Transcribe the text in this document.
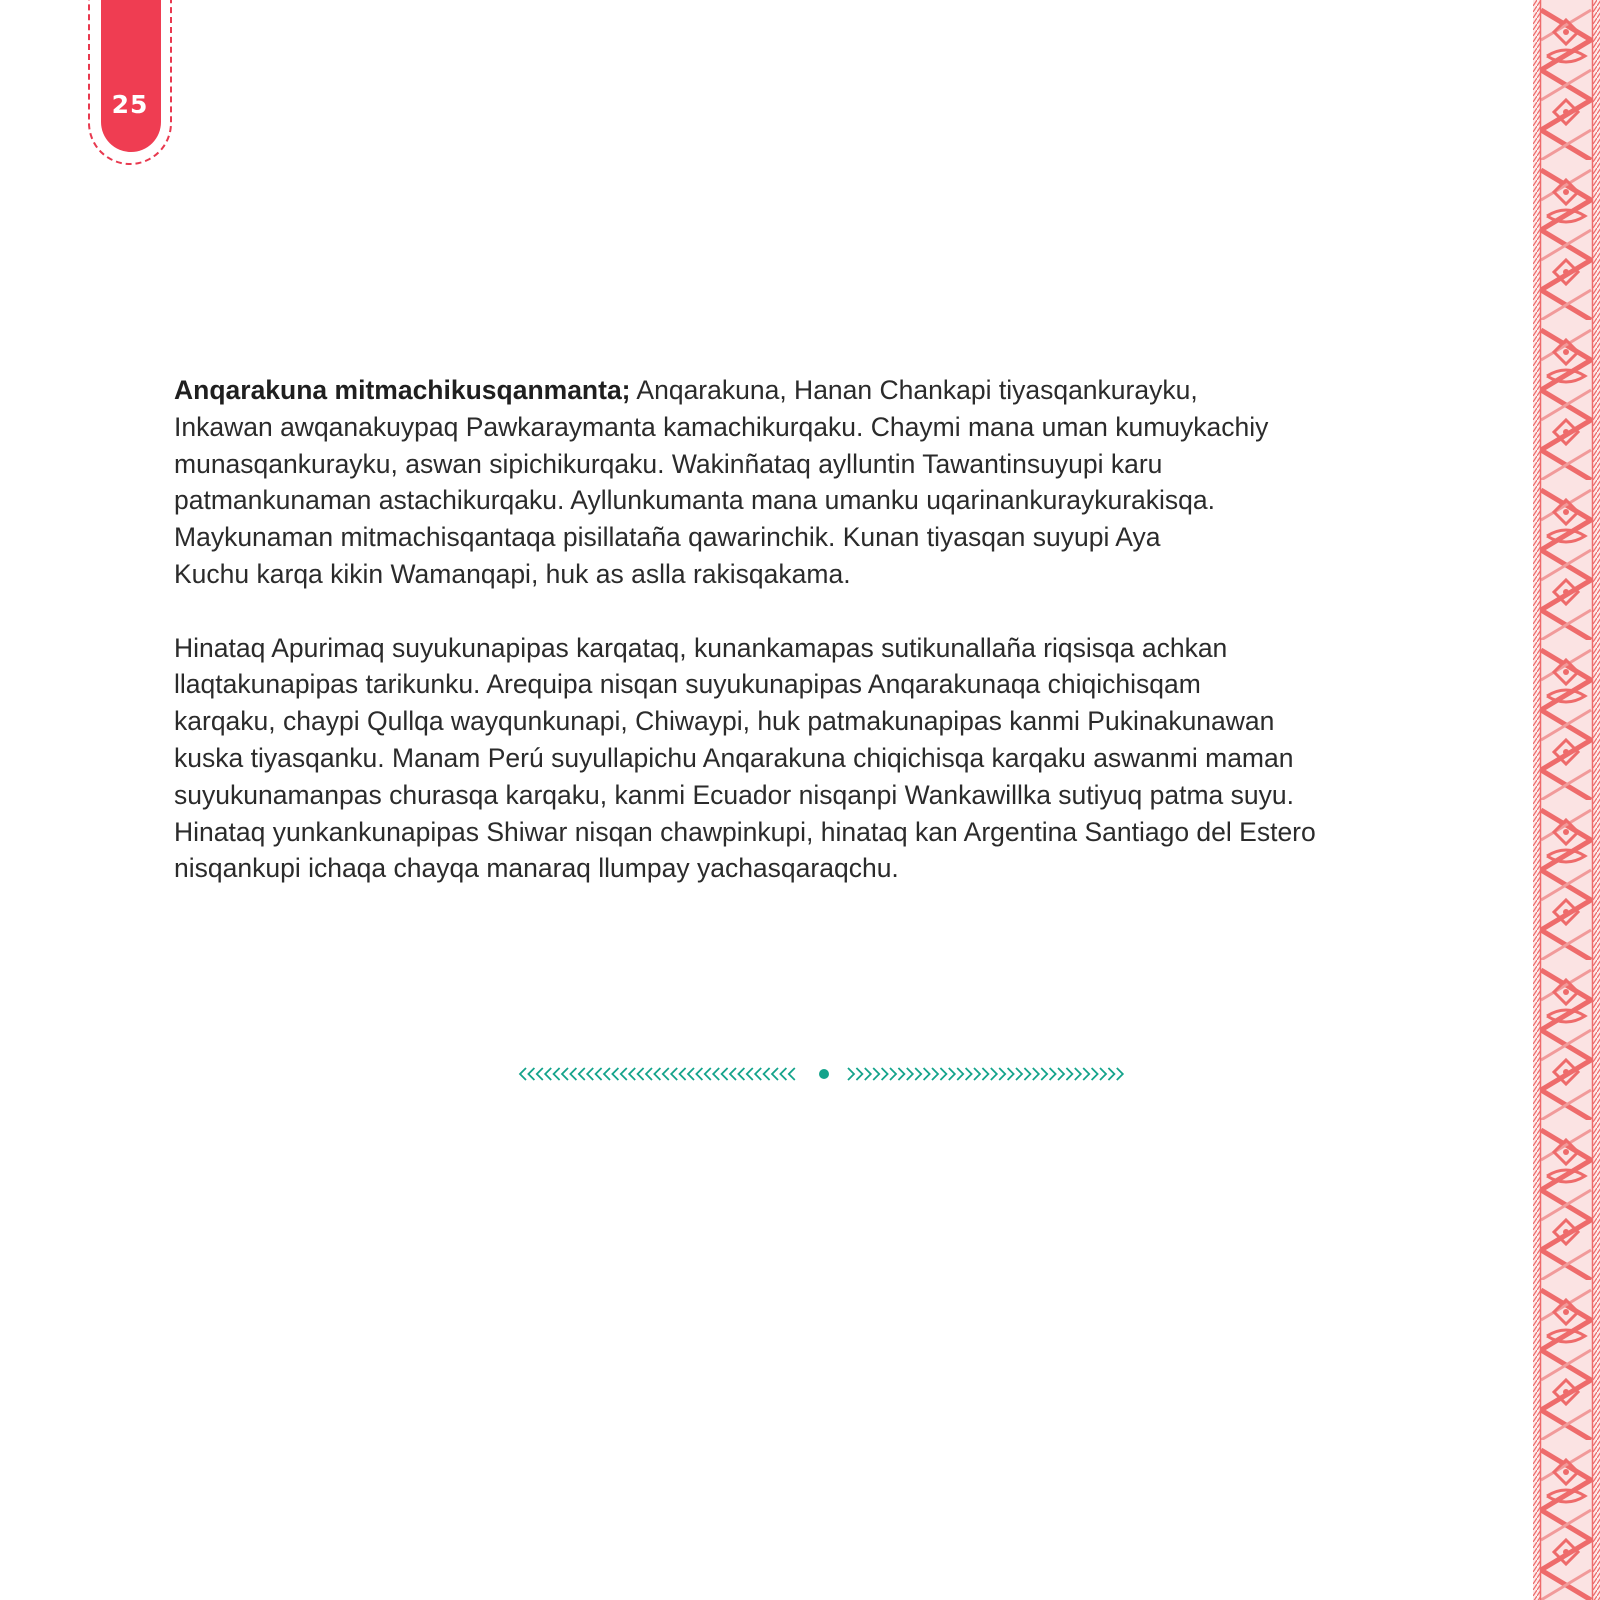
25

Anqarakuna mitmachikusqanmanta; Anqarakuna, Hanan Chankapi tiyasqankurayku,
Inkawan awqanakuypaq Pawkaraymanta kamachikurqaku. Chaymi mana uman kumuykachiy
munasqankurayku, aswan sipichikurqaku. Wakinñataq aylluntin Tawantinsuyupi karu
patmankunaman astachikurqaku. Ayllunkumanta mana umanku uqarinankuraykurakisqa.
Maykunaman mitmachisqantaqa pisillataña qawarinchik. Kunan tiyasqan suyupi Aya
Kuchu karqa kikin Wamanqapi, huk as aslla rakisqakama.

Hinataq Apurimaq suyukunapipas karqataq, kunankamapas sutikunallaña riqsisqa achkan
llaqtakunapipas tarikunku. Arequipa nisqan suyukunapipas Anqarakunaqa chiqichisqam
karqaku, chaypi Qullqa wayqunkunapi, Chiwaypi, huk patmakunapipas kanmi Pukinakunawan
kuska tiyasqanku. Manam Perú suyullapichu Anqarakuna chiqichisqa karqaku aswanmi maman
suyukunamanpas churasqa karqaku, kanmi Ecuador nisqanpi Wankawillka sutiyuq patma suyu.
Hinataq yunkankunapipas Shiwar nisqan chawpinkupi, hinataq kan Argentina Santiago del Estero
nisqankupi ichaqa chayqa manaraq llumpay yachasqaraqchu.
